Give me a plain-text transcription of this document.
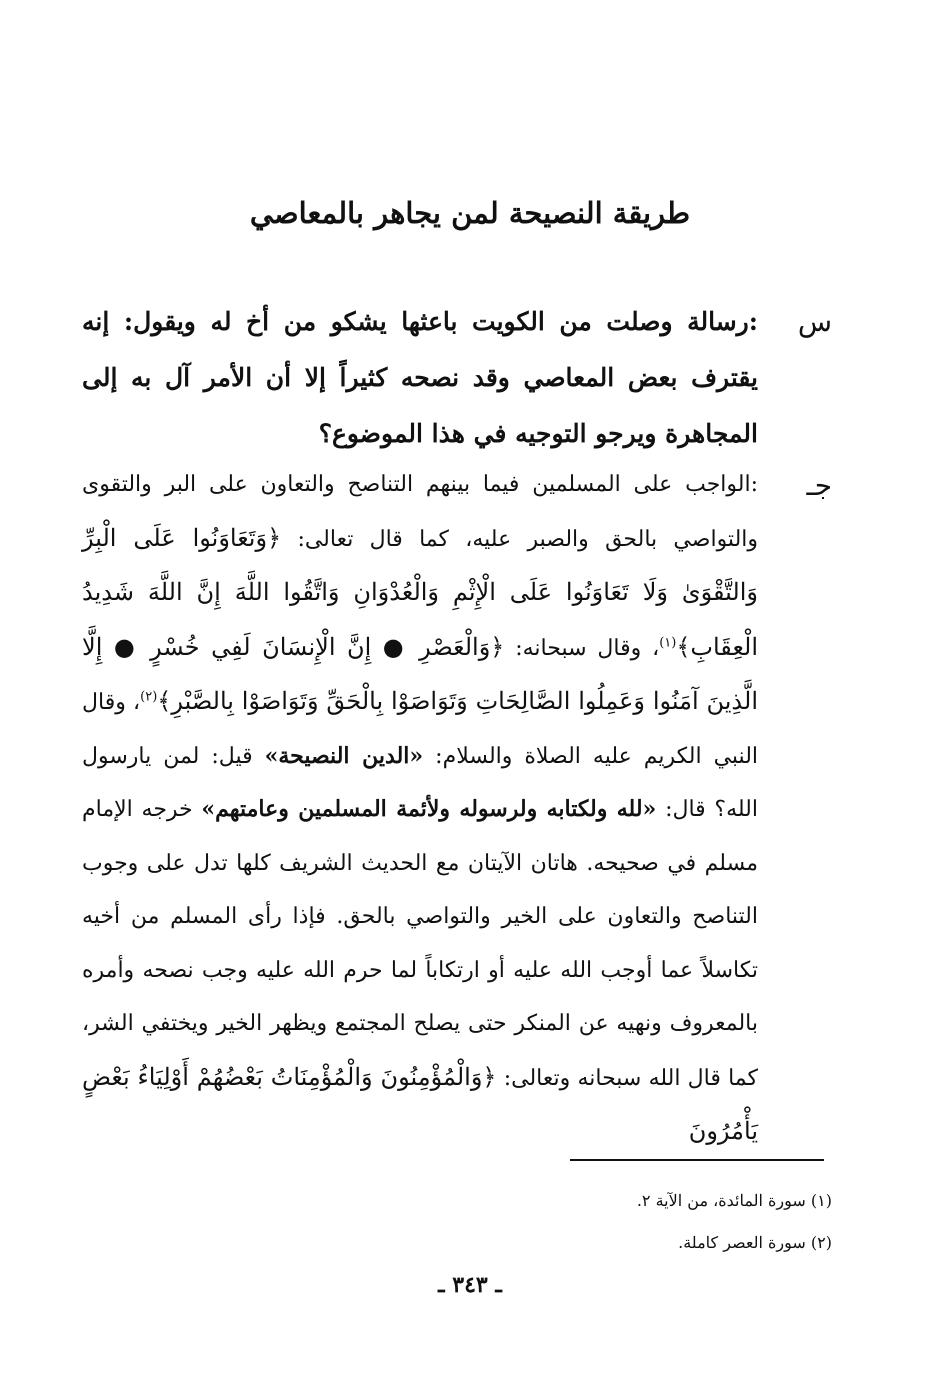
طريقة النصيحة لمن يجاهر بالمعاصي
س
:رسالة وصلت من الكويت باعثها يشكو من أخ له ويقول: إنه يقترف بعض المعاصي وقد نصحه كثيراً إلا أن الأمر آل به إلى المجاهرة ويرجو التوجيه في هذا الموضوع؟
جـ
:الواجب على المسلمين فيما بينهم التناصح والتعاون على البر والتقوى والتواصي بالحق والصبر عليه، كما قال تعالى: ﴿وَتَعَاوَنُوا عَلَى الْبِرِّ وَالتَّقْوَىٰ وَلَا تَعَاوَنُوا عَلَى الْإِثْمِ وَالْعُدْوَانِ وَاتَّقُوا اللَّهَ إِنَّ اللَّهَ شَدِيدُ الْعِقَابِ﴾$^{(١)}$، وقال سبحانه: ﴿وَالْعَصْرِ ● إِنَّ الْإِنسَانَ لَفِي خُسْرٍ ● إِلَّا الَّذِينَ آمَنُوا وَعَمِلُوا الصَّالِحَاتِ وَتَوَاصَوْا بِالْحَقِّ وَتَوَاصَوْا بِالصَّبْرِ﴾$^{(٢)}$، وقال النبي الكريم عليه الصلاة والسلام: «الدين النصيحة» قيل: لمن يارسول الله؟ قال: «لله ولكتابه ولرسوله ولأئمة المسلمين وعامتهم» خرجه الإمام مسلم في صحيحه. هاتان الآيتان مع الحديث الشريف كلها تدل على وجوب التناصح والتعاون على الخير والتواصي بالحق. فإذا رأى المسلم من أخيه تكاسلاً عما أوجب الله عليه أو ارتكاباً لما حرم الله عليه وجب نصحه وأمره بالمعروف ونهيه عن المنكر حتى يصلح المجتمع ويظهر الخير ويختفي الشر، كما قال الله سبحانه وتعالى: ﴿وَالْمُؤْمِنُونَ وَالْمُؤْمِنَاتُ بَعْضُهُمْ أَوْلِيَاءُ بَعْضٍ يَأْمُرُونَ

(١) سورة المائدة، من الآية ٢.

(٢) سورة العصر كاملة.

ـ ٣٤٣ ـ
